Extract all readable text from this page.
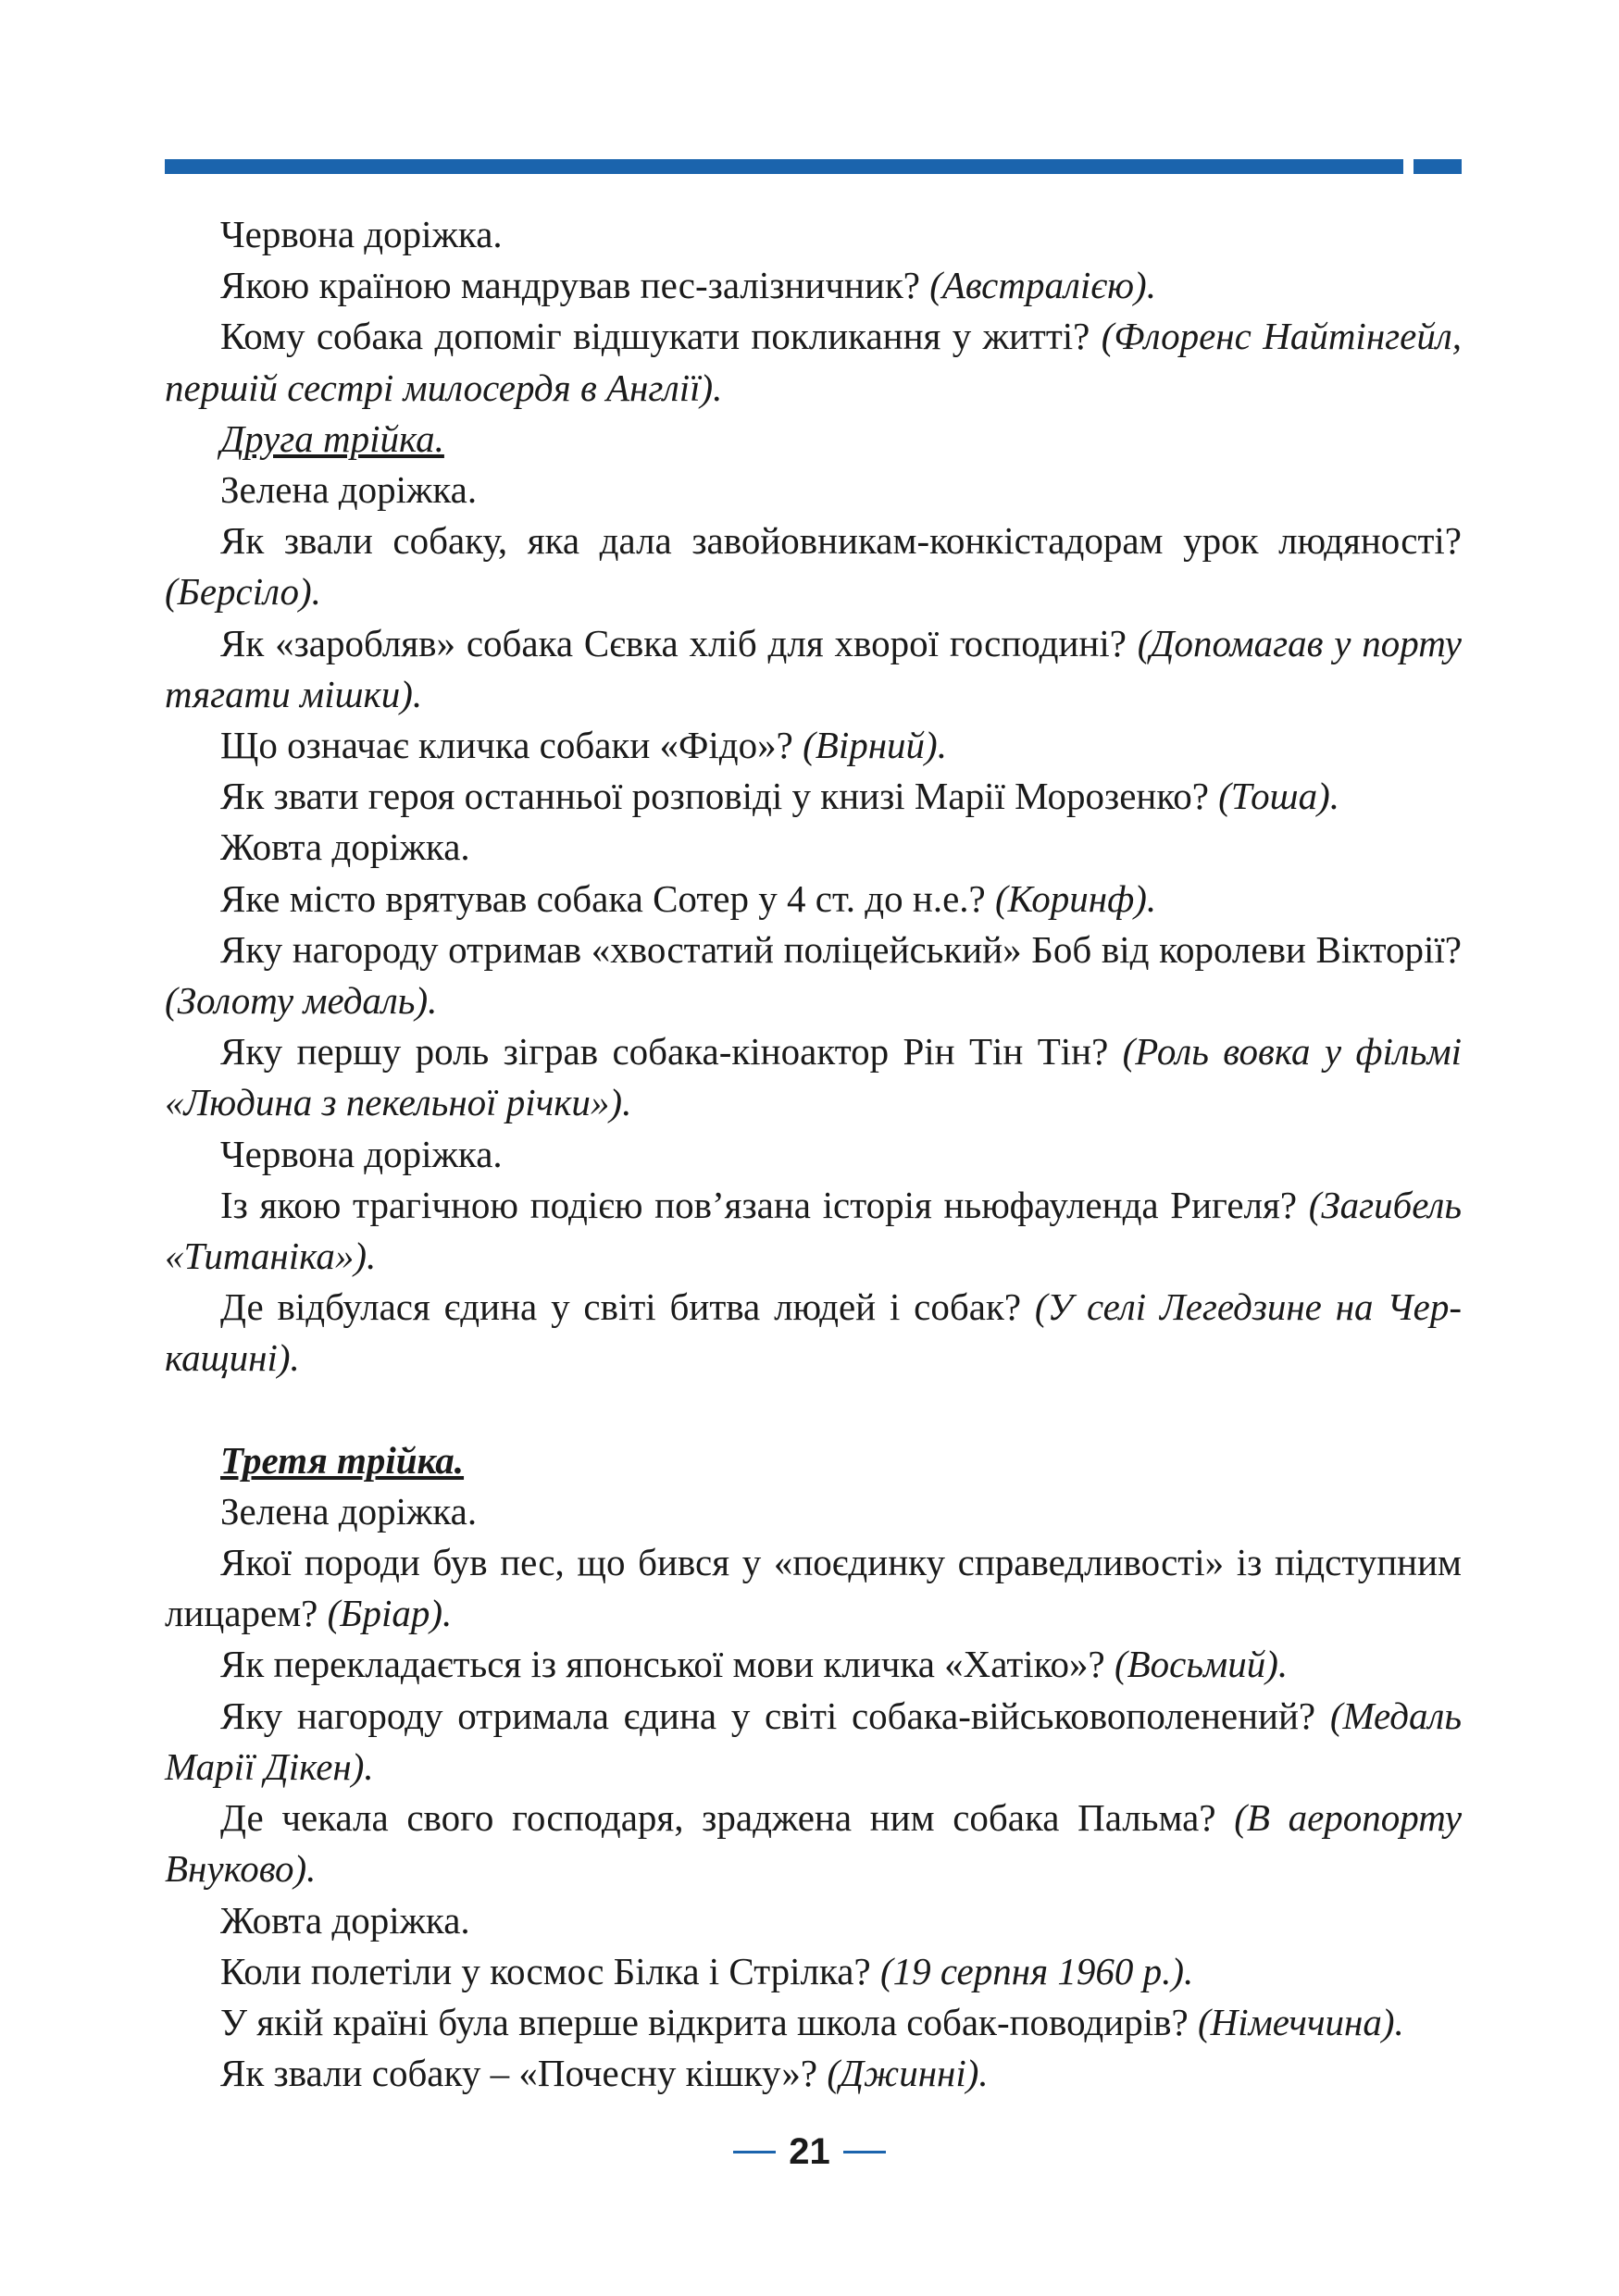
Червона доріжка.

Якою країною мандрував пес-залізничник? (Австралією).

Кому собака допоміг відшукати покликання у житті? (Флоренс Найтінгейл, першій сестрі милосердя в Англії).

Друга трійка.

Зелена доріжка.

Як звали собаку, яка дала завойовникам-конкістадорам урок людяності? (Берсіло).

Як «заробляв» собака Сєвка хліб для хворої господині? (Допомагав у порту тягати мішки).

Що означає кличка собаки «Фідо»? (Вірний).

Як звати героя останньої розповіді у книзі Марії Морозенко? (Тоша).

Жовта доріжка.

Яке місто врятував собака Сотер у 4 ст. до н.е.? (Коринф).

Яку нагороду отримав «хвостатий поліцейський» Боб від королеви Вікторії? (Золоту медаль).

Яку першу роль зіграв собака-кіноактор Рін Тін Тін? (Роль вовка у фільмі «Людина з пекельної річки»).

Червона доріжка.

Із якою трагічною подією пов’язана історія ньюфауленда Ригеля? (Загибель «Титаніка»).

Де відбулася єдина у світі битва людей і собак? (У селі Легедзине на Черкащині).

Третя трійка.

Зелена доріжка.

Якої породи був пес, що бився у «поєдинку справедливості» із підступним лицарем? (Бріар).

Як перекладається із японської мови кличка «Хатіко»? (Восьмий).

Яку нагороду отримала єдина у світі собака-військовополенений? (Медаль Марії Дікен).

Де чекала свого господаря, зраджена ним собака Пальма? (В аеропорту Внуково).

Жовта доріжка.

Коли полетіли у космос Білка і Стрілка? (19 серпня 1960 р.).

У якій країні була вперше відкрита школа собак-поводирів? (Німеччина).

Як звали собаку – «Почесну кішку»? (Джинні).

21
